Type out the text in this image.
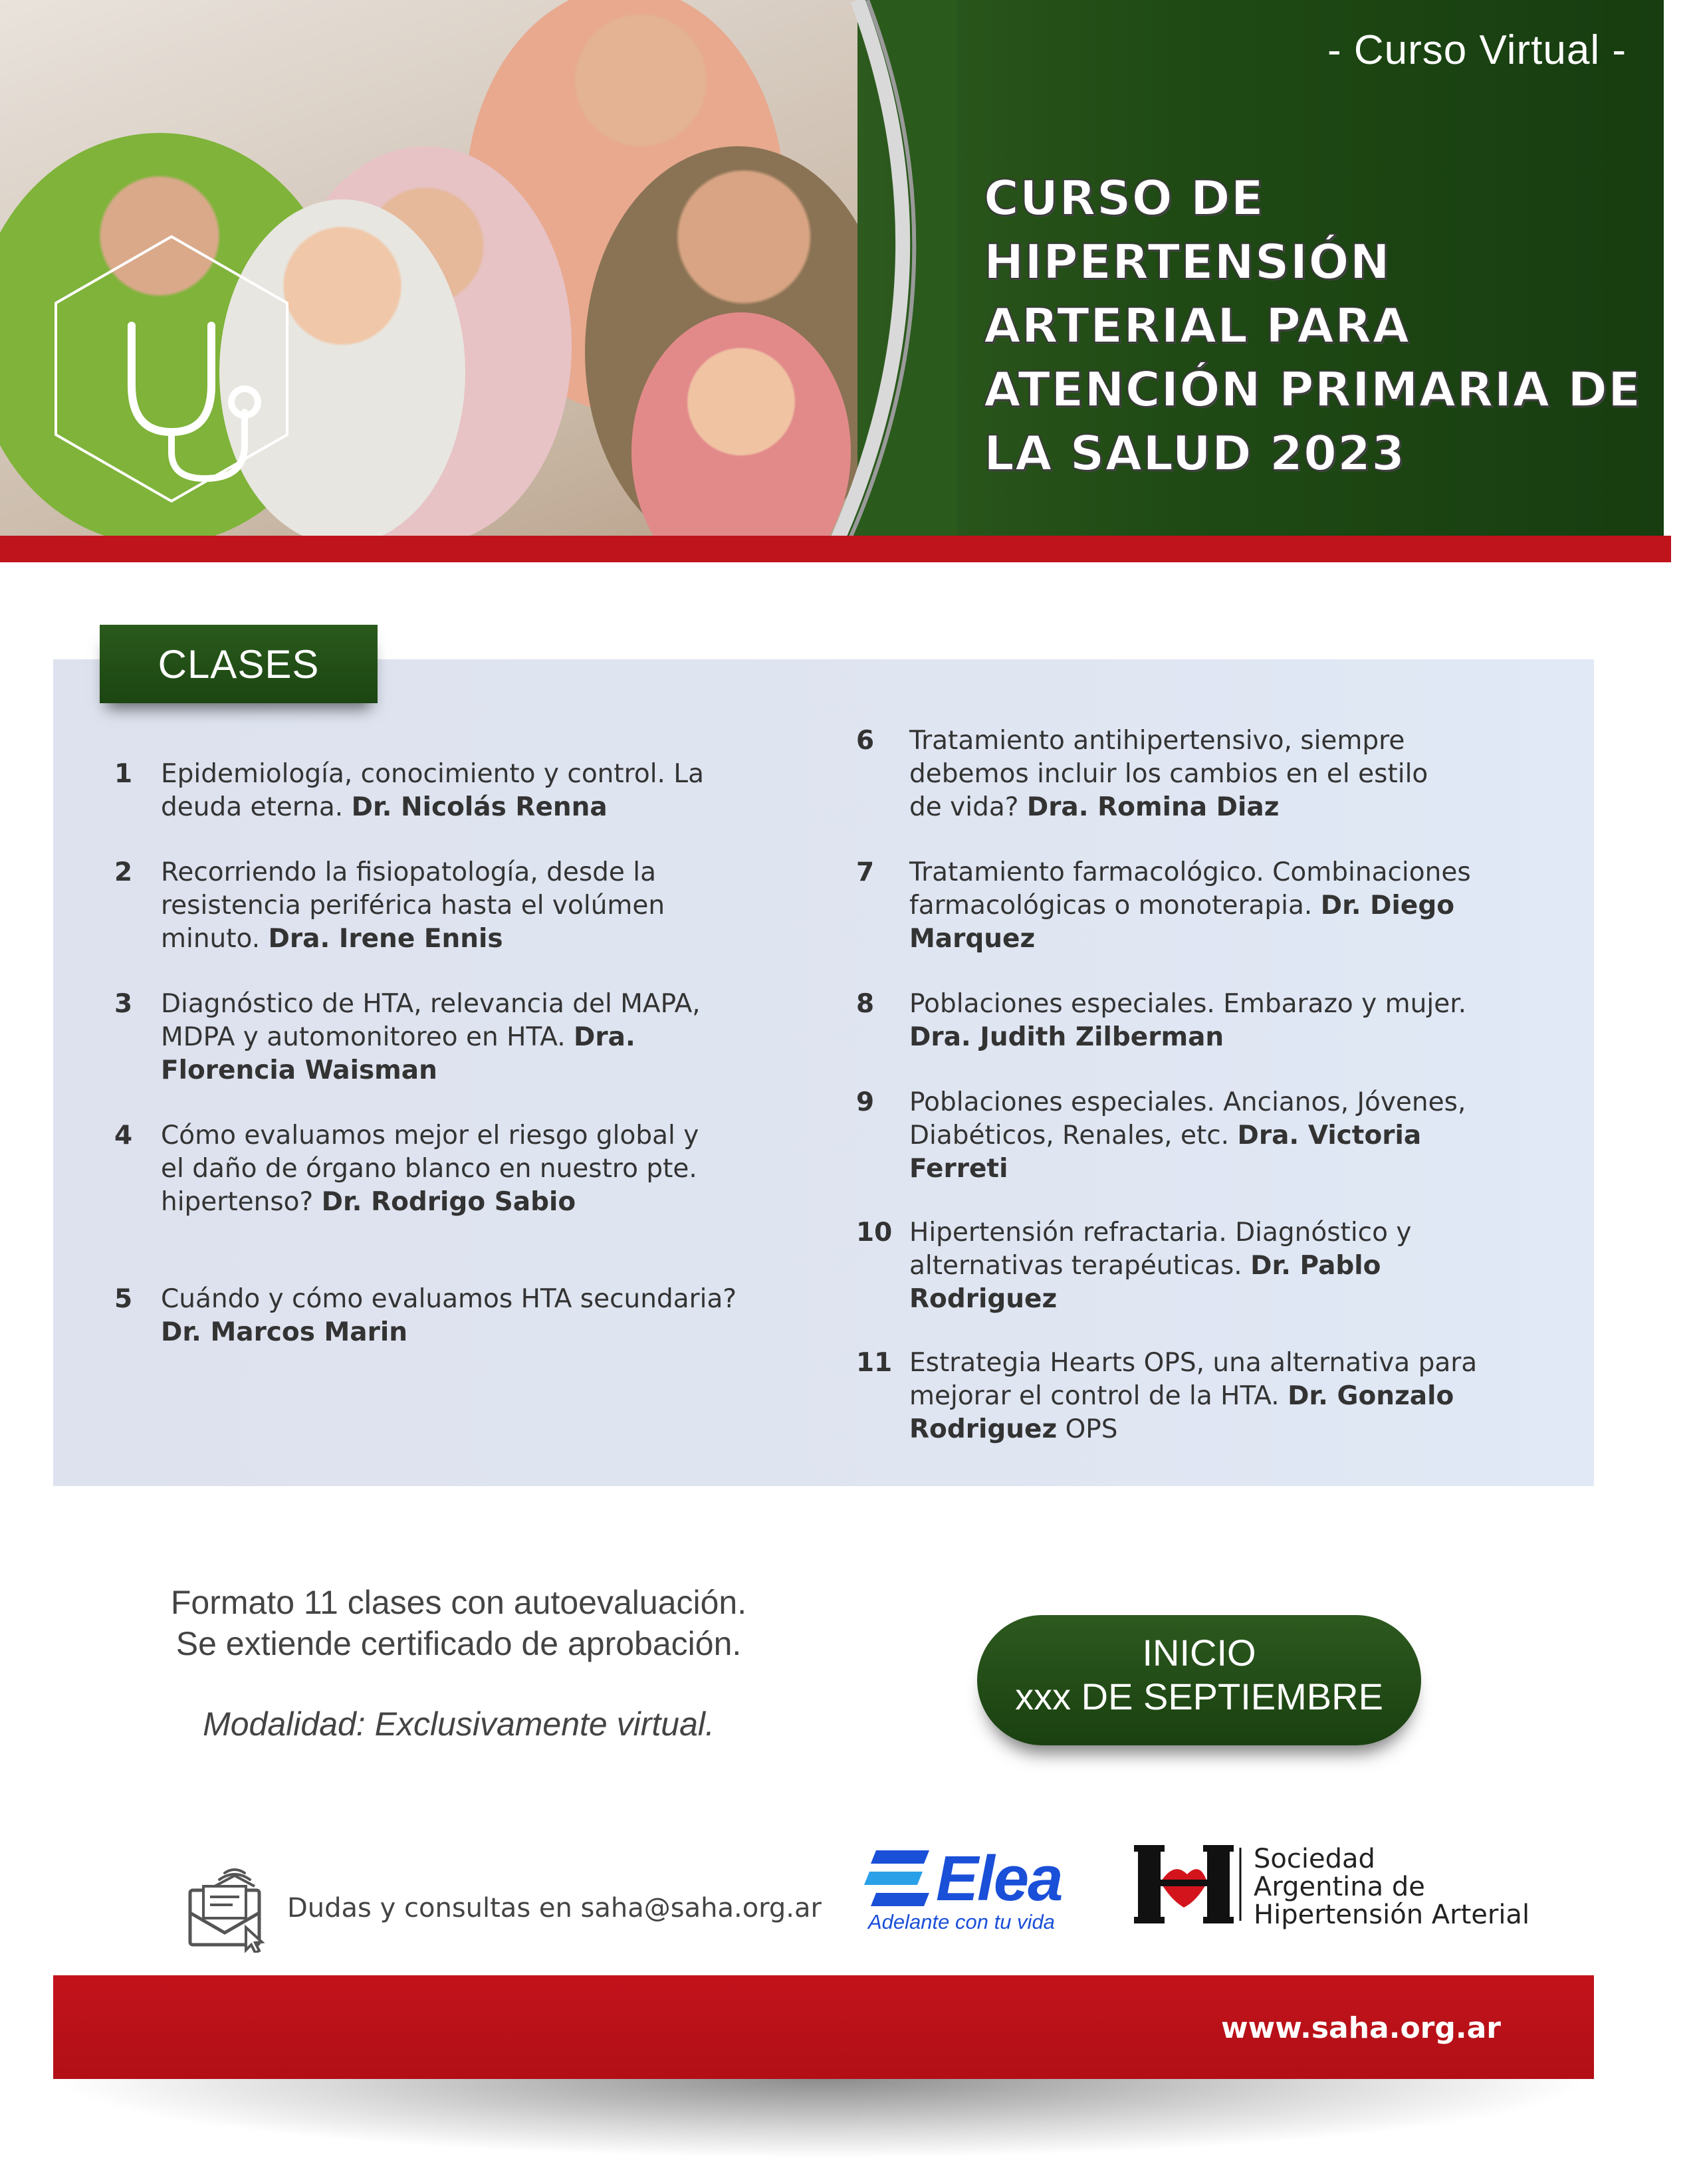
- Curso Virtual -
CURSO DE HIPERTENSIÓN ARTERIAL PARA ATENCIÓN PRIMARIA DE LA SALUD 2023
CLASES
1	Epidemiología, conocimiento y control. La deuda eterna. Dr. Nicolás Renna
2	Recorriendo la fisiopatología, desde la resistencia periférica hasta el volúmen minuto. Dra. Irene Ennis
3	Diagnóstico de HTA, relevancia del MAPA, MDPA y automonitoreo en HTA. Dra. Florencia Waisman
4	Cómo evaluamos mejor el riesgo global y el daño de órgano blanco en nuestro pte. hipertenso? Dr. Rodrigo Sabio
5	Cuándo y cómo evaluamos HTA secundaria? Dr. Marcos Marin
6	Tratamiento antihipertensivo, siempre debemos incluir los cambios en el estilo de vida? Dra. Romina Diaz
7	Tratamiento farmacológico. Combinaciones farmacológicas o monoterapia. Dr. Diego Marquez
8	Poblaciones especiales. Embarazo y mujer. Dra. Judith Zilberman
9	Poblaciones especiales. Ancianos, Jóvenes, Diabéticos, Renales, etc. Dra. Victoria Ferreti
10 Hipertensión refractaria. Diagnóstico y alternativas terapéuticas. Dr. Pablo Rodriguez
11 Estrategia Hearts OPS, una alternativa para mejorar el control de la HTA. Dr. Gonzalo Rodriguez OPS
Formato 11 clases con autoevaluación.
Se extiende certificado de aprobación.
Modalidad: Exclusivamente virtual.
INICIO
xxx DE SEPTIEMBRE
Dudas y consultas en saha@saha.org.ar Elea
Adelante con tu vida
Sociedad
Argentina de
Hipertensión Arterial
www.saha.org.ar
